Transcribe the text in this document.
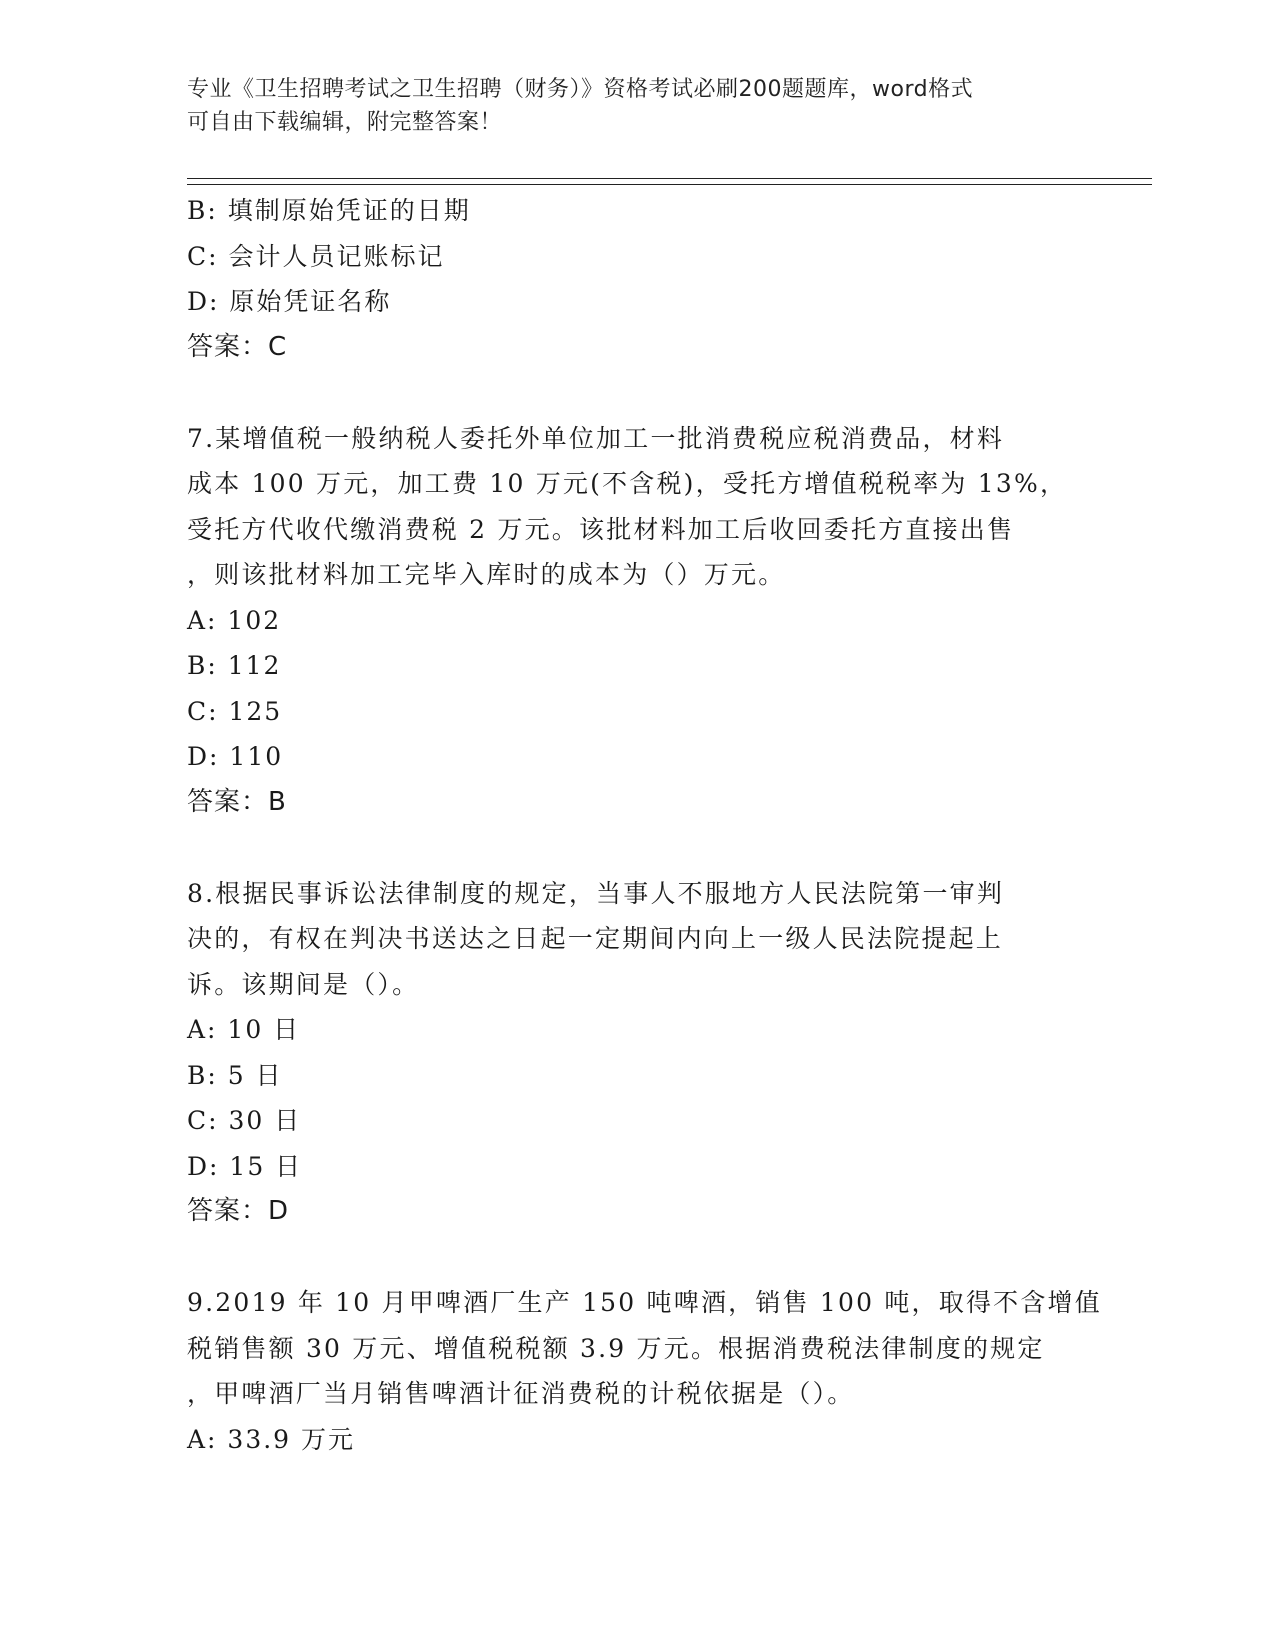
专业《卫生招聘考试之卫生招聘（财务）》资格考试必刷200题题库，word格式
可自由下载编辑，附完整答案！
B: 填制原始凭证的日期
C: 会计人员记账标记
D: 原始凭证名称
答案：C
7.某增值税一般纳税人委托外单位加工一批消费税应税消费品，材料
成本 100 万元，加工费 10 万元(不含税)，受托方增值税税率为 13%，
受托方代收代缴消费税 2 万元。该批材料加工后收回委托方直接出售
，则该批材料加工完毕入库时的成本为（）万元。
A: 102
B: 112
C: 125
D: 110
答案：B
8.根据民事诉讼法律制度的规定，当事人不服地方人民法院第一审判
决的，有权在判决书送达之日起一定期间内向上一级人民法院提起上
诉。该期间是（）。
A: 10 日
B: 5 日
C: 30 日
D: 15 日
答案：D
9.2019 年 10 月甲啤酒厂生产 150 吨啤酒，销售 100 吨，取得不含增值
税销售额 30 万元、增值税税额 3.9 万元。根据消费税法律制度的规定
，甲啤酒厂当月销售啤酒计征消费税的计税依据是（）。
A: 33.9 万元
